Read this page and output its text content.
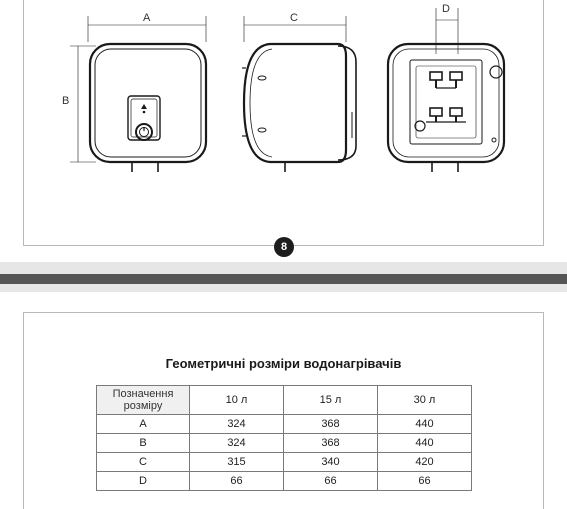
A
B
C
D
8
Геометричні розміри водонагрівачів
Позначення розміру	10 л	15 л	30 л
A	324	368	440
B	324	368	440
C	315	340	420
D	66	66	66
